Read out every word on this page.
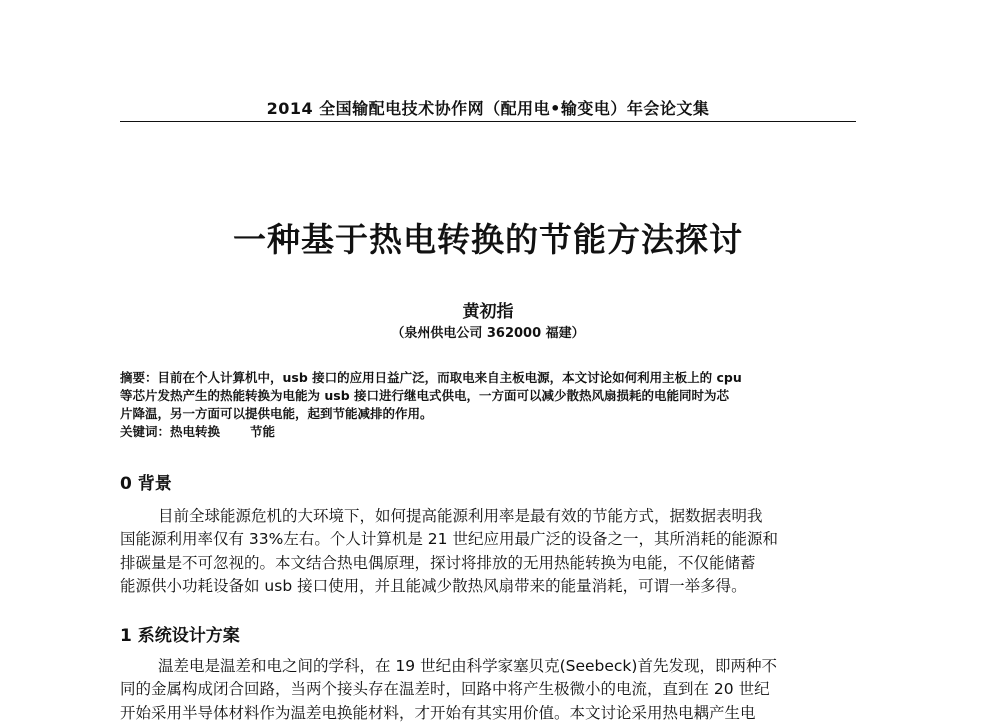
2014 全国输配电技术协作网（配用电•输变电）年会论文集
一种基于热电转换的节能方法探讨
黄初指
（泉州供电公司 362000 福建）
摘要：目前在个人计算机中，usb 接口的应用日益广泛，而取电来自主板电源，本文讨论如何利用主板上的 cpu
等芯片发热产生的热能转换为电能为 usb 接口进行继电式供电，一方面可以减少散热风扇损耗的电能同时为芯
片降温，另一方面可以提供电能，起到节能减排的作用。
关键词：热电转换 节能
0 背景
目前全球能源危机的大环境下，如何提高能源利用率是最有效的节能方式，据数据表明我
国能源利用率仅有 33%左右。个人计算机是 21 世纪应用最广泛的设备之一，其所消耗的能源和
排碳量是不可忽视的。本文结合热电偶原理，探讨将排放的无用热能转换为电能，不仅能储蓄
能源供小功耗设备如 usb 接口使用，并且能减少散热风扇带来的能量消耗，可谓一举多得。
1 系统设计方案
温差电是温差和电之间的学科，在 19 世纪由科学家塞贝克(Seebeck)首先发现，即两种不
同的金属构成闭合回路，当两个接头存在温差时，回路中将产生极微小的电流，直到在 20 世纪
开始采用半导体材料作为温差电换能材料，才开始有其实用价值。本文讨论采用热电耦产生电
